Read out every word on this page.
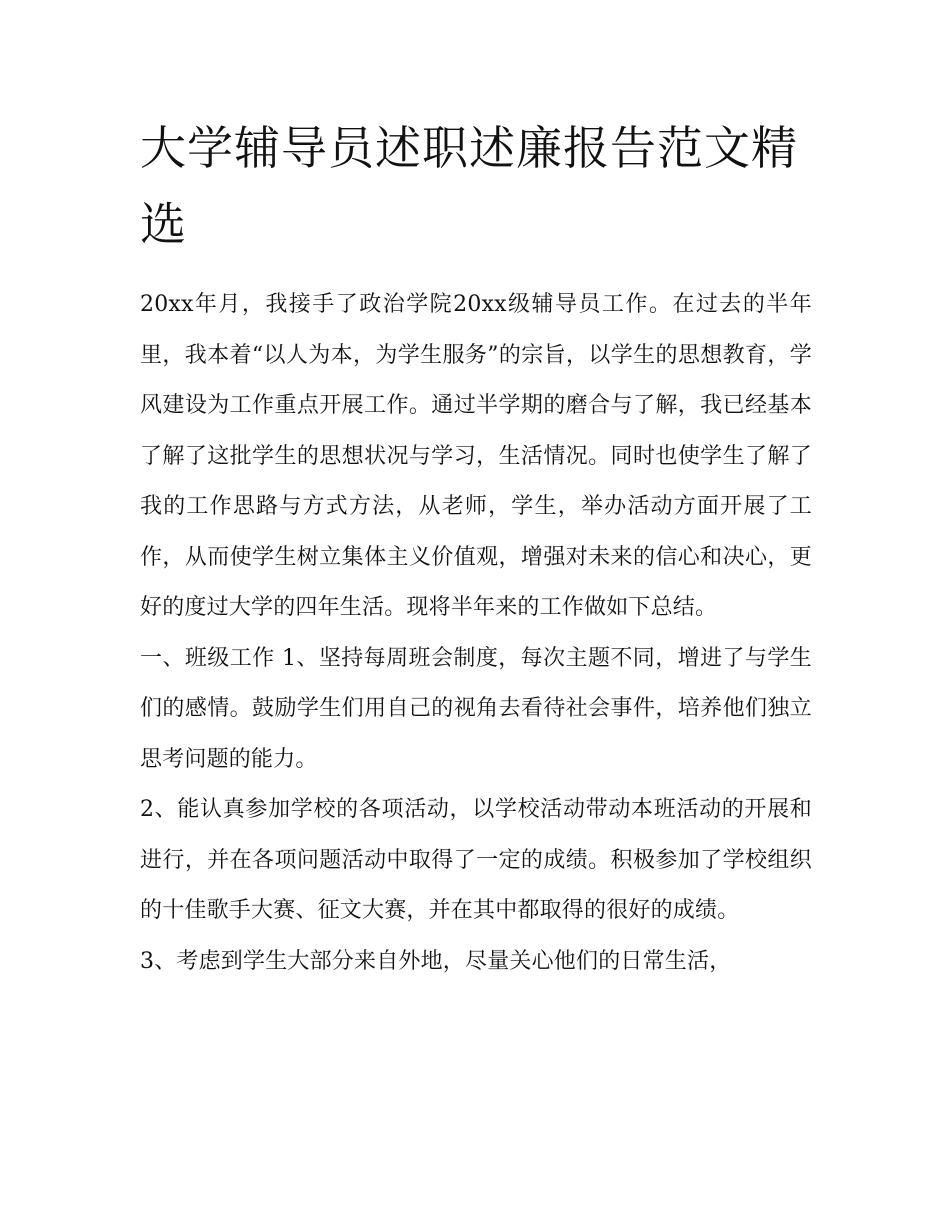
大学辅导员述职述廉报告范文精选

20xx年月，我接手了政治学院20xx级辅导员工作。在过去的半年里，我本着“以人为本，为学生服务”的宗旨，以学生的思想教育，学风建设为工作重点开展工作。通过半学期的磨合与了解，我已经基本了解了这批学生的思想状况与学习，生活情况。同时也使学生了解了我的工作思路与方式方法，从老师，学生，举办活动方面开展了工作，从而使学生树立集体主义价值观，增强对未来的信心和决心，更好的度过大学的四年生活。现将半年来的工作做如下总结。

一、班级工作 1、坚持每周班会制度，每次主题不同，增进了与学生们的感情。鼓励学生们用自己的视角去看待社会事件，培养他们独立思考问题的能力。

2、能认真参加学校的各项活动，以学校活动带动本班活动的开展和进行，并在各项问题活动中取得了一定的成绩。积极参加了学校组织的十佳歌手大赛、征文大赛，并在其中都取得的很好的成绩。

3、考虑到学生大部分来自外地，尽量关心他们的日常生活，
